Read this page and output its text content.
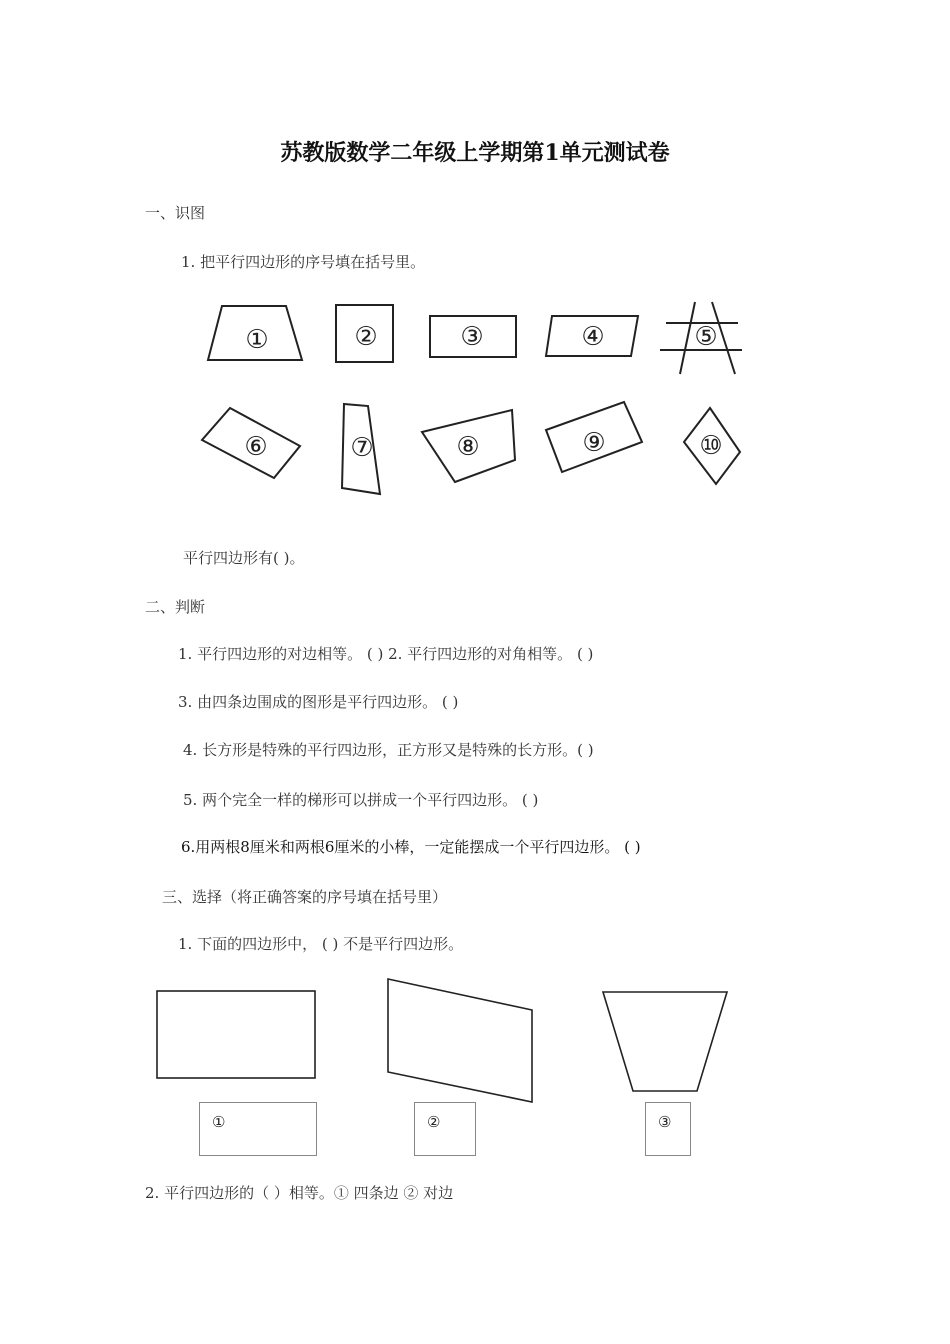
苏教版数学二年级上学期第1单元测试卷
一、识图
1. 把平行四边形的序号填在括号里。
①	②	③	④	⑤
⑥	⑦	⑧	⑨	⑩
平行四边形有( )。
二、判断
1. 平行四边形的对边相等。 ( ) 2. 平行四边形的对角相等。 ( )
3. 由四条边围成的图形是平行四边形。 ( )
4. 长方形是特殊的平行四边形，正方形又是特殊的长方形。( )
5. 两个完全一样的梯形可以拼成一个平行四边形。 ( )
6.用两根8厘米和两根6厘米的小棒，一定能摆成一个平行四边形。 ( )
三、选择（将正确答案的序号填在括号里）
1. 下面的四边形中， ( ) 不是平行四边形。
①	②	③
2. 平行四边形的（ ）相等。① 四条边 ② 对边
